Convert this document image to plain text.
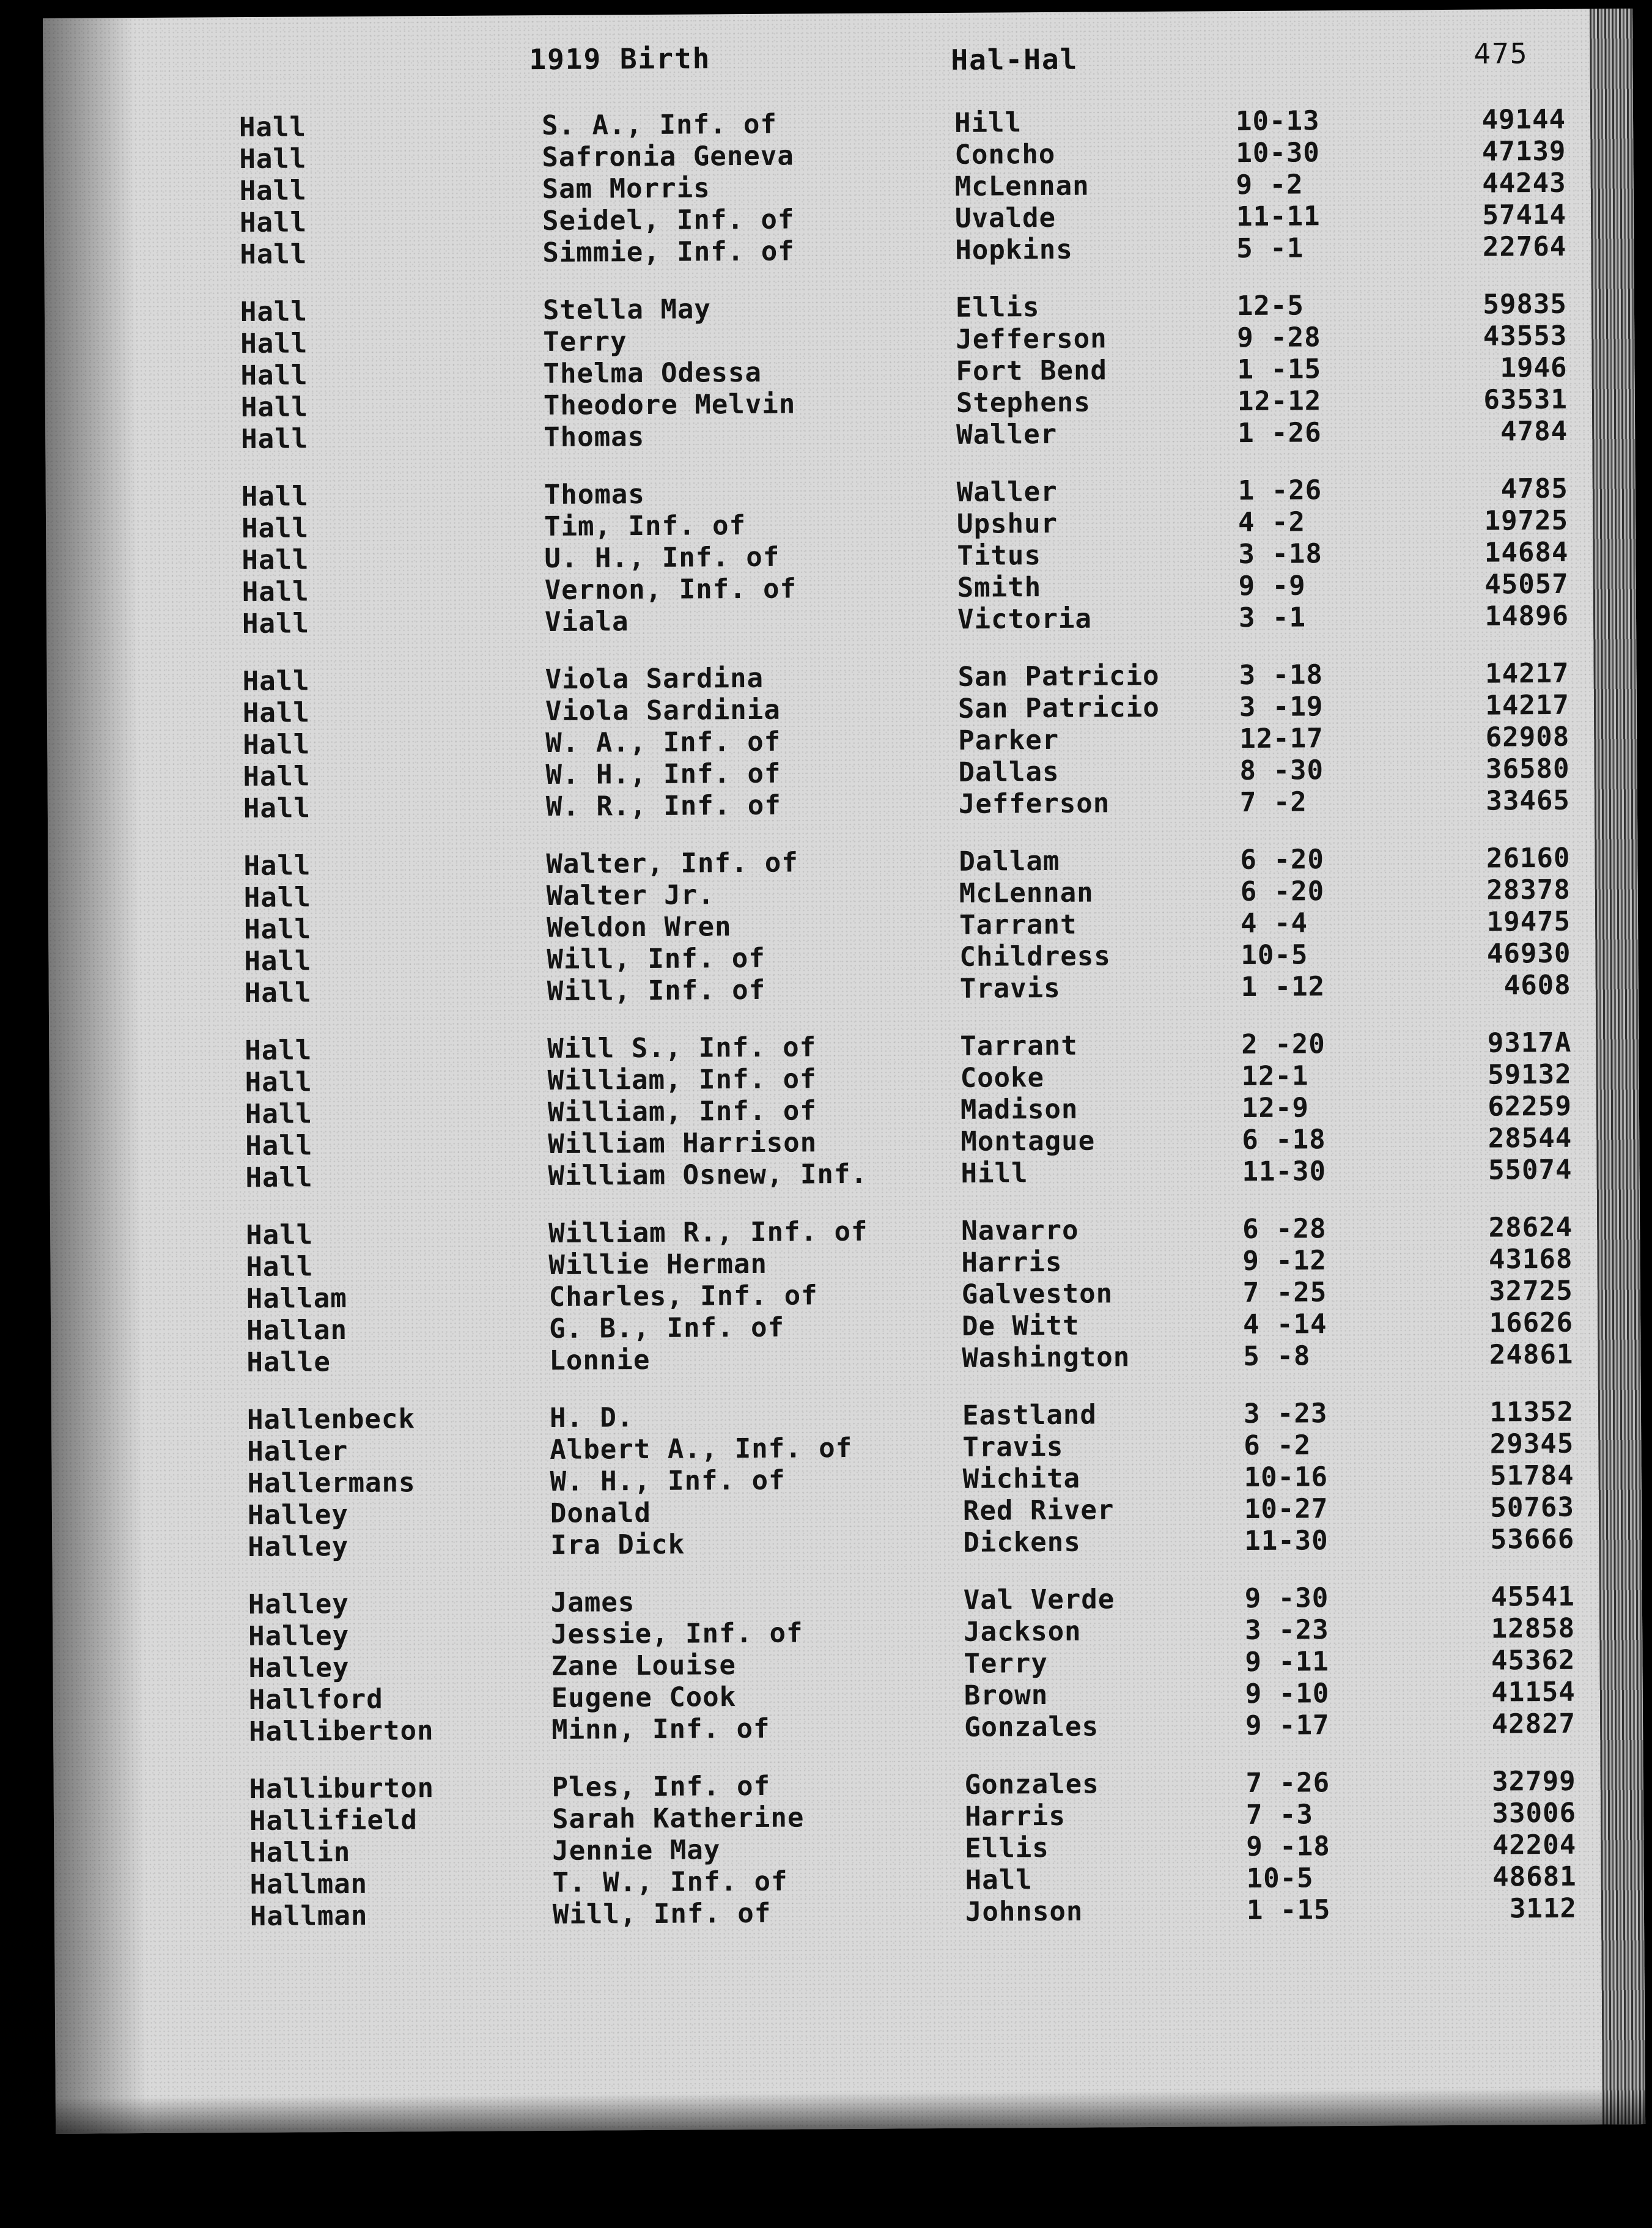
1919 Birth	Hal-Hal	475
Hall	S. A., Inf. of	Hill	10-13	49144
Hall	Safronia Geneva	Concho	10-30	47139
Hall	Sam Morris	McLennan	9 -2	44243
Hall	Seidel, Inf. of	Uvalde	11-11	57414
Hall	Simmie, Inf. of	Hopkins	5 -1	22764
Hall	Stella May	Ellis	12-5	59835
Hall	Terry	Jefferson	9 -28	43553
Hall	Thelma Odessa	Fort Bend	1 -15	1946
Hall	Theodore Melvin	Stephens	12-12	63531
Hall	Thomas	Waller	1 -26	4784
Hall	Thomas	Waller	1 -26	4785
Hall	Tim, Inf. of	Upshur	4 -2	19725
Hall	U. H., Inf. of	Titus	3 -18	14684
Hall	Vernon, Inf. of	Smith	9 -9	45057
Hall	Viala	Victoria	3 -1	14896
Hall	Viola Sardina	San Patricio	3 -18	14217
Hall	Viola Sardinia	San Patricio	3 -19	14217
Hall	W. A., Inf. of	Parker	12-17	62908
Hall	W. H., Inf. of	Dallas	8 -30	36580
Hall	W. R., Inf. of	Jefferson	7 -2	33465
Hall	Walter, Inf. of	Dallam	6 -20	26160
Hall	Walter Jr.	McLennan	6 -20	28378
Hall	Weldon Wren	Tarrant	4 -4	19475
Hall	Will, Inf. of	Childress	10-5	46930
Hall	Will, Inf. of	Travis	1 -12	4608
Hall	Will S., Inf. of	Tarrant	2 -20	9317A
Hall	William, Inf. of	Cooke	12-1	59132
Hall	William, Inf. of	Madison	12-9	62259
Hall	William Harrison	Montague	6 -18	28544
Hall	William Osnew, Inf.	Hill	11-30	55074
Hall	William R., Inf. of	Navarro	6 -28	28624
Hall	Willie Herman	Harris	9 -12	43168
Hallam	Charles, Inf. of	Galveston	7 -25	32725
Hallan	G. B., Inf. of	De Witt	4 -14	16626
Halle	Lonnie	Washington	5 -8	24861
Hallenbeck	H. D.	Eastland	3 -23	11352
Haller	Albert A., Inf. of	Travis	6 -2	29345
Hallermans	W. H., Inf. of	Wichita	10-16	51784
Halley	Donald	Red River	10-27	50763
Halley	Ira Dick	Dickens	11-30	53666
Halley	James	Val Verde	9 -30	45541
Halley	Jessie, Inf. of	Jackson	3 -23	12858
Halley	Zane Louise	Terry	9 -11	45362
Hallford	Eugene Cook	Brown	9 -10	41154
Halliberton	Minn, Inf. of	Gonzales	9 -17	42827
Halliburton	Ples, Inf. of	Gonzales	7 -26	32799
Hallifield	Sarah Katherine	Harris	7 -3	33006
Hallin	Jennie May	Ellis	9 -18	42204
Hallman	T. W., Inf. of	Hall	10-5	48681
Hallman	Will, Inf. of	Johnson	1 -15	3112
